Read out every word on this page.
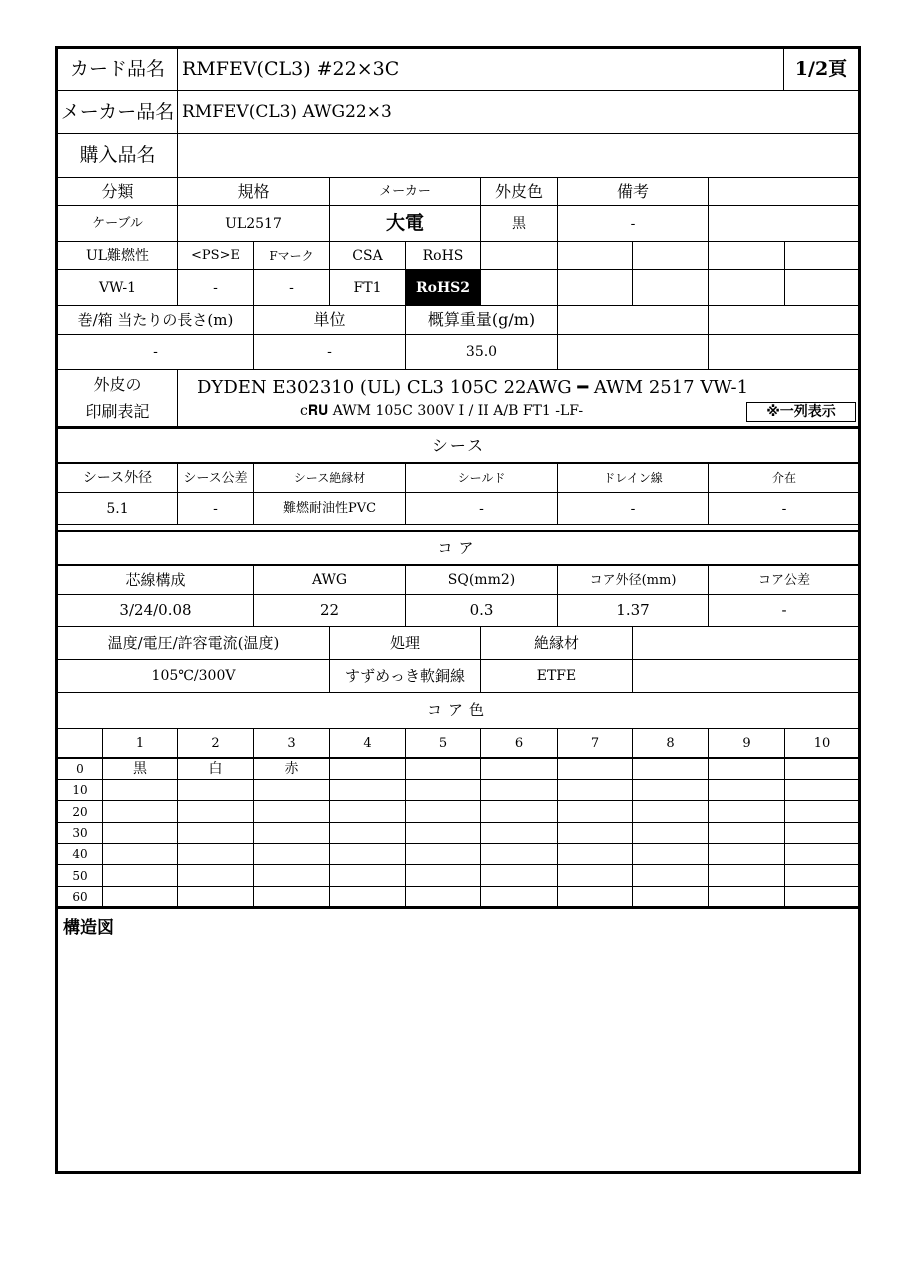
カード品名 RMFEV(CL3) #22×3C	1/2頁
メーカー品名 RMFEV(CL3) AWG22×3
購入品名
分類	規格	メーカー	外皮色	備考
ケーブル	UL2517	大電	黒	-
UL難燃性	<PS>E	Fマーク	CSA	RoHS
VW-1	-	-	FT1	RoHS2
巻/箱 当たりの長さ(m)	単位	概算重量(g/m)
-	-	35.0
外皮の
印刷表記
DYDEN E302310 (UL) CL3 105C 22AWG ━ AWM 2517 VW-1
c𝐑𝐔 AWM 105C 300V I / II A/B FT1 -LF-	※一列表示
シース
シース外径	シース公差	シース絶縁材	シールド	ドレイン線	介在
5.1	-	難燃耐油性PVC	-	-	-
コア
芯線構成	AWG	SQ(mm2)	コア外径(mm)	コア公差
3/24/0.08	22	0.3	1.37	-
温度/電圧/許容電流(温度)	処理	絶縁材
105℃/300V	すずめっき軟銅線	ETFE
コア色
1	2	3	4	5	6	7	8	9	10
0	黒	白	赤
10
20
30
40
50
60
構造図
